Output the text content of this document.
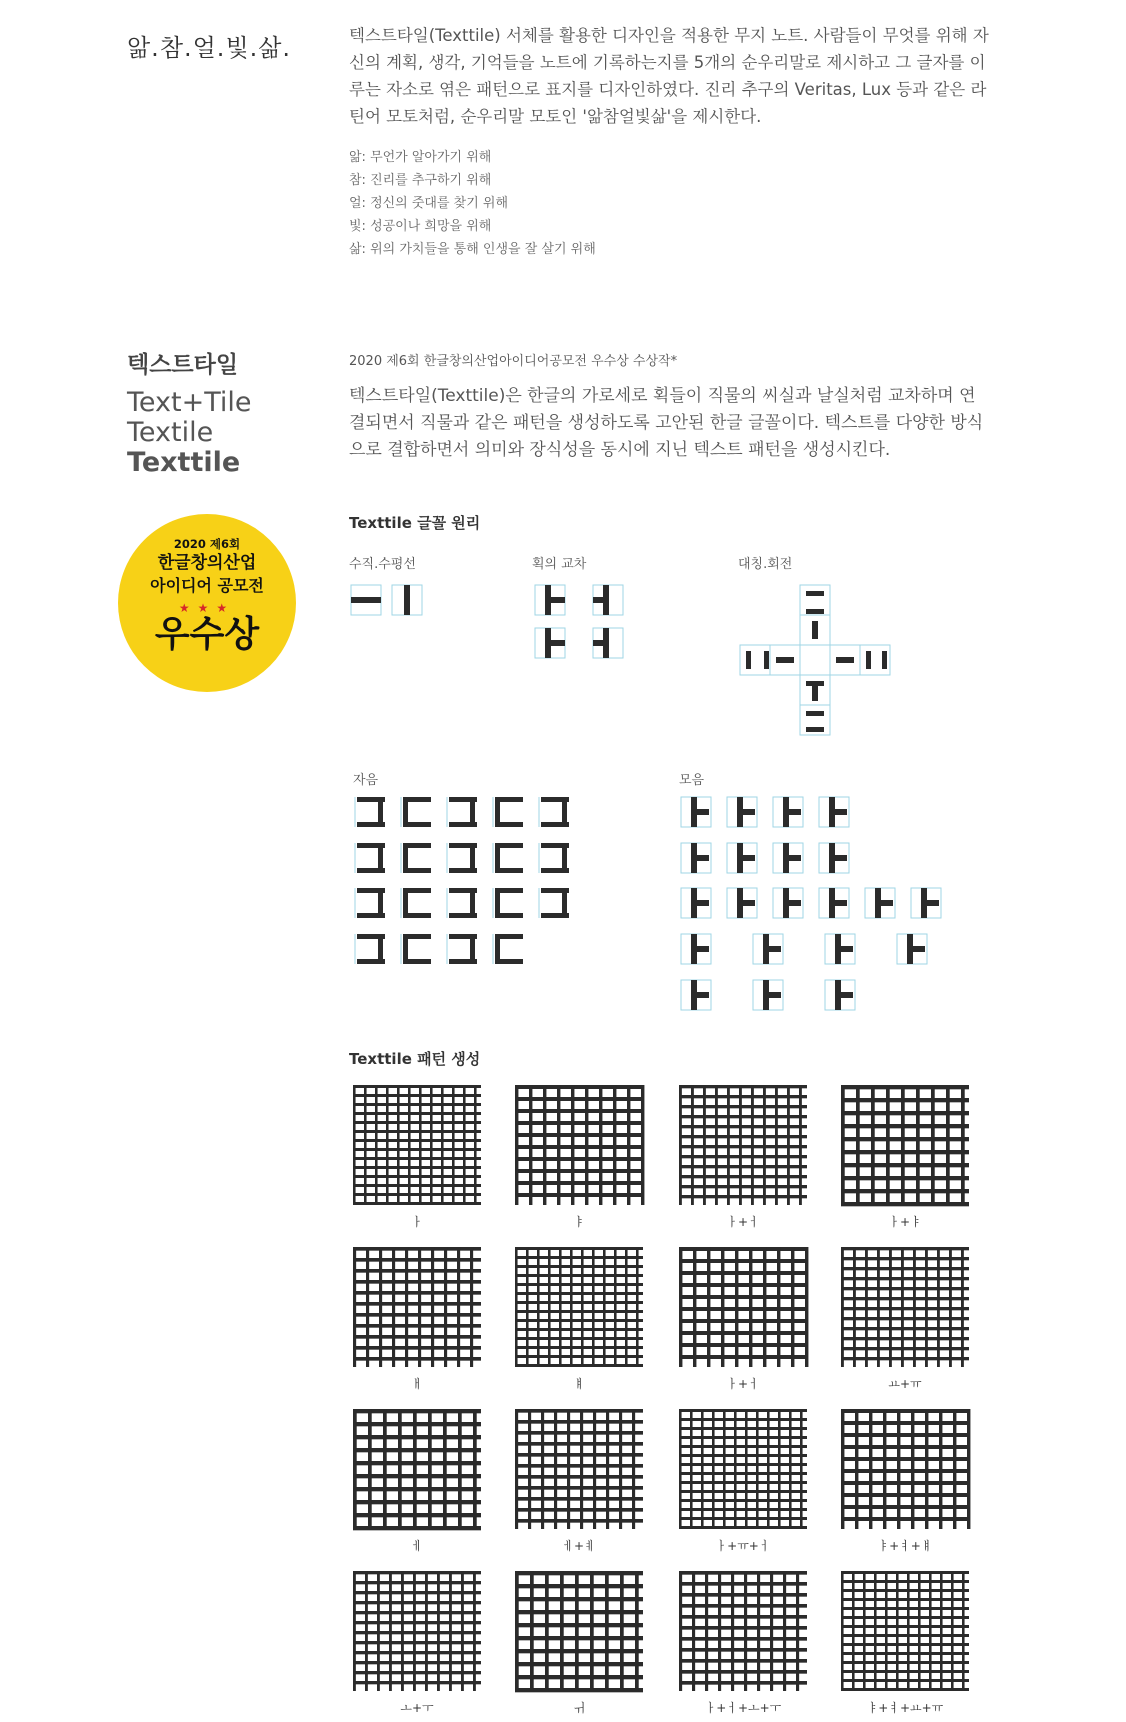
앎.참.얼.빛.삶.	텍스트타일(Texttile) 서체를 활용한 디자인을 적용한 무지 노트. 사람들이 무엇를 위해 자신의 계획, 생각, 기억들을 노트에 기록하는지를 5개의 순우리말로 제시하고 그 글자를 이루는 자소로 엮은 패턴으로 표지를 디자인하였다. 진리 추구의 Veritas, Lux 등과 같은 라틴어 모토처럼, 순우리말 모토인 '앎참얼빛삶'을 제시한다.
앎: 무언가 알아가기 위해
참: 진리를 추구하기 위해
얼: 정신의 줏대를 찾기 위해
빛: 성공이나 희망을 위해
삶: 위의 가치들을 통해 인생을 잘 살기 위해
텍스트타일
Text+Tile
Textile
Texttile
2020 제6회
한글창의산업
아이디어 공모전
★★★
우수상
2020 제6회 한글창의산업아이디어공모전 우수상 수상작*
텍스트타일(Texttile)은 한글의 가로세로 획들이 직물의 씨실과 날실처럼 교차하며 연결되면서 직물과 같은 패턴을 생성하도록 고안된 한글 글꼴이다. 텍스트를 다양한 방식으로 결합하면서 의미와 장식성을 동시에 지닌 텍스트 패턴을 생성시킨다.
Texttile 글꼴 원리
수직.수평선	획의 교차	대칭.회전
자음	모음
Texttile 패턴 생성
ㅏ	ㅑ	ㅏ+ㅓ	ㅏ+ㅑ
ㅐ	ㅒ	ㅏ+ㅓ	ㅛ+ㅠ
ㅔ	ㅔ+ㅖ	ㅏ+ㅠ+ㅓ	ㅑ+ㅕ+ㅒ
ㅗ+ㅜ	ㅟ	ㅏ+ㅓ+ㅗ+ㅜ	ㅑ+ㅕ+ㅛ+ㅠ
